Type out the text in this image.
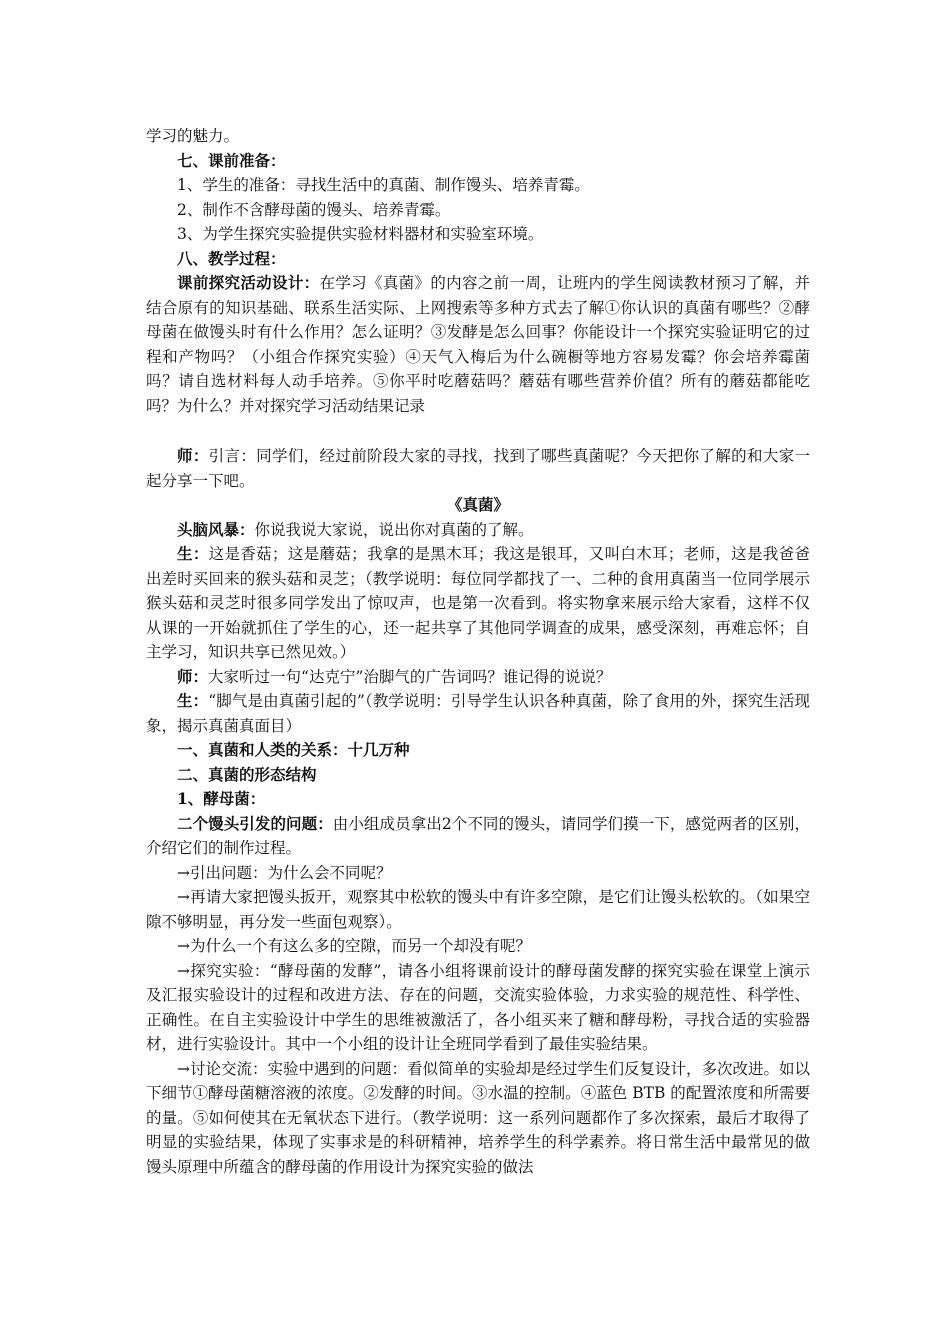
学习的魅力。

七、课前准备：

1、学生的准备：寻找生活中的真菌、制作馒头、培养青霉。

2、制作不含酵母菌的馒头、培养青霉。

3、为学生探究实验提供实验材料器材和实验室环境。

八、教学过程：

课前探究活动设计：在学习《真菌》的内容之前一周，让班内的学生阅读教材预习了解，并结合原有的知识基础、联系生活实际、上网搜索等多种方式去了解①你认识的真菌有哪些？②酵母菌在做馒头时有什么作用？怎么证明？③发酵是怎么回事？你能设计一个探究实验证明它的过程和产物吗？（小组合作探究实验）④天气入梅后为什么碗橱等地方容易发霉？你会培养霉菌吗？请自选材料每人动手培养。⑤你平时吃蘑菇吗？蘑菇有哪些营养价值？所有的蘑菇都能吃吗？为什么？并对探究学习活动结果记录

师：引言：同学们，经过前阶段大家的寻找，找到了哪些真菌呢？今天把你了解的和大家一起分享一下吧。

《真菌》

头脑风暴：你说我说大家说，说出你对真菌的了解。

生：这是香菇；这是蘑菇；我拿的是黑木耳；我这是银耳，又叫白木耳；老师，这是我爸爸出差时买回来的猴头菇和灵芝；（教学说明：每位同学都找了一、二种的食用真菌当一位同学展示猴头菇和灵芝时很多同学发出了惊叹声，也是第一次看到。将实物拿来展示给大家看，这样不仅从课的一开始就抓住了学生的心，还一起共享了其他同学调查的成果，感受深刻，再难忘怀；自主学习，知识共享已然见效。）

师：大家听过一句“达克宁”治脚气的广告词吗？谁记得的说说？

生：“脚气是由真菌引起的”（教学说明：引导学生认识各种真菌，除了食用的外，探究生活现象，揭示真菌真面目）

一、真菌和人类的关系：十几万种

二、真菌的形态结构

1、酵母菌：

二个馒头引发的问题：由小组成员拿出2个不同的馒头，请同学们摸一下，感觉两者的区别，介绍它们的制作过程。

→引出问题：为什么会不同呢？

→再请大家把馒头扳开，观察其中松软的馒头中有许多空隙，是它们让馒头松软的。（如果空隙不够明显，再分发一些面包观察）。

→为什么一个有这么多的空隙，而另一个却没有呢？

→探究实验：“酵母菌的发酵”，请各小组将课前设计的酵母菌发酵的探究实验在课堂上演示及汇报实验设计的过程和改进方法、存在的问题，交流实验体验，力求实验的规范性、科学性、正确性。在自主实验设计中学生的思维被激活了，各小组买来了糖和酵母粉，寻找合适的实验器材，进行实验设计。其中一个小组的设计让全班同学看到了最佳实验结果。

→讨论交流：实验中遇到的问题：看似简单的实验却是经过学生们反复设计，多次改进。如以下细节①酵母菌糖溶液的浓度。②发酵的时间。③水温的控制。④蓝色 BTB 的配置浓度和所需要的量。⑤如何使其在无氧状态下进行。（教学说明：这一系列问题都作了多次探索，最后才取得了明显的实验结果，体现了实事求是的科研精神，培养学生的科学素养。将日常生活中最常见的做馒头原理中所蕴含的酵母菌的作用设计为探究实验的做法
